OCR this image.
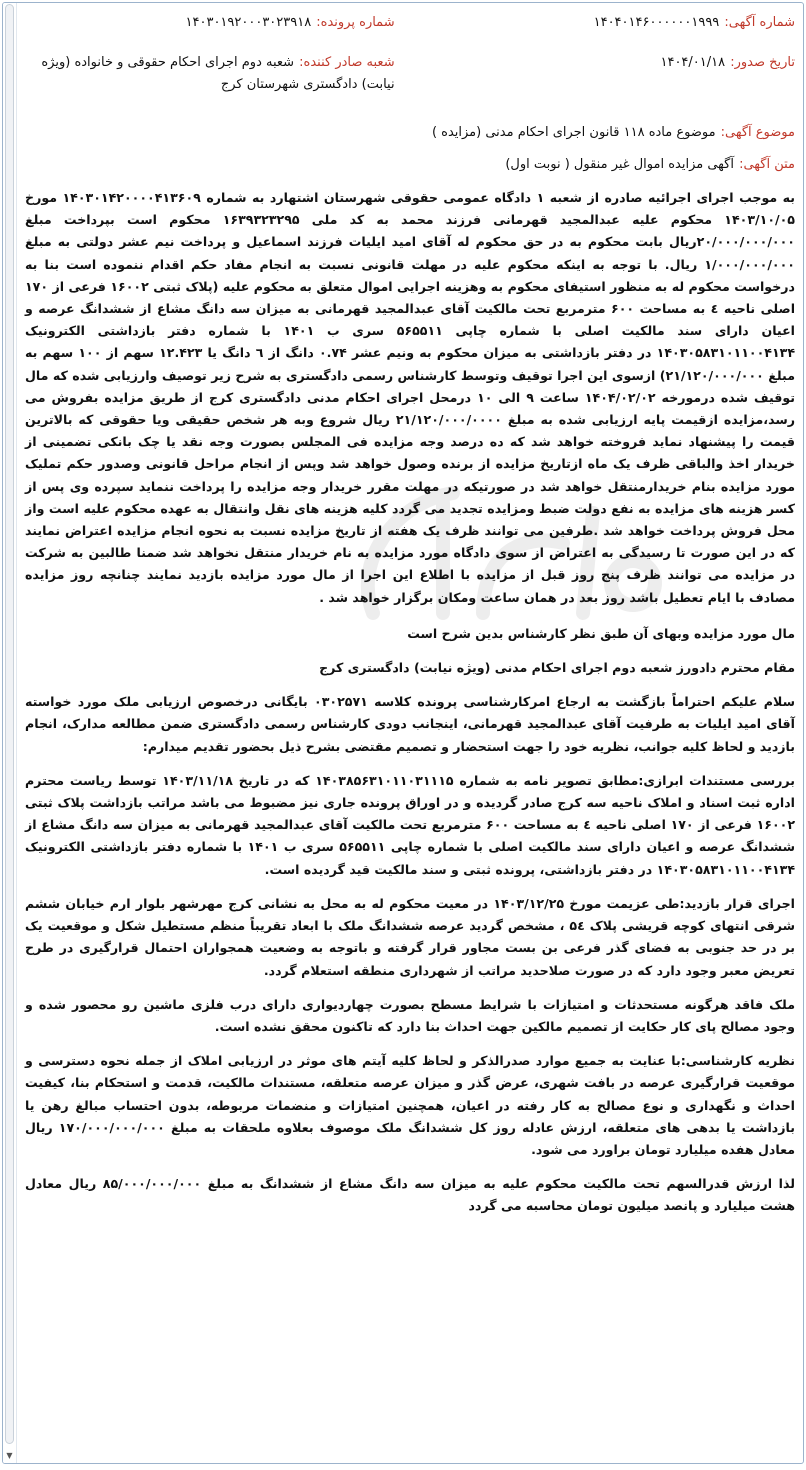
▼
شماره آگهی: ۱۴۰۴۰۱۴۶۰۰۰۰۰۰۱۹۹۹
تاریخ صدور: ۱۴۰۴/۰۱/۱۸
شماره پرونده: ۱۴۰۳۰۱۹۲۰۰۰۳۰۲۳۹۱۸
شعبه صادر کننده: شعبه دوم اجرای احکام حقوقی و خانواده (ویژه نیابت) دادگستری شهرستان کرج
موضوع آگهی: موضوع ماده ۱۱۸ قانون اجرای احکام مدنی (مزایده )
متن آگهی: آگهی مزایده اموال غیر منقول ( نوبت اول)

به موجب اجرای اجرائیه صادره از شعبه ۱ دادگاه عمومی حقوقی شهرستان اشتهارد به شماره ۱۴۰۳۰۱۴۲۰۰۰۰۴۱۳۶۰۹ مورخ ۱۴۰۳/۱۰/۰۵ محکوم علیه عبدالمجید قهرمانی فرزند محمد به کد ملی ۱۶۳۹۳۲۳۲۹۵ محکوم است بپرداخت مبلغ ۲۰/۰۰۰/۰۰۰/۰۰۰ریال بابت محکوم به در حق محکوم له آقای امید ایلیات فرزند اسماعیل و پرداخت نیم عشر دولتی به مبلغ ۱/۰۰۰/۰۰۰/۰۰۰ ریال. با توجه به اینکه محکوم علیه در مهلت قانونی نسبت به انجام مفاد حکم اقدام ننموده است بنا به درخواست محکوم له به منظور استیفای محکوم به وهزینه اجرایی اموال متعلق به محکوم علیه (پلاک ثبتی ۱۶۰۰۲ فرعی از ۱۷۰ اصلی ناحیه ٤ به مساحت ۶۰۰ مترمربع تحت مالکیت آقای عبدالمجید قهرمانی به میزان سه دانگ مشاع از ششدانگ عرصه و اعیان دارای سند مالکیت اصلی با شماره چاپی ۵۶۵۵۱۱ سری ب ۱۴۰۱ با شماره دفتر بازداشتی الکترونیک ۱۴۰۳۰۵۸۳۱۰۱۱۰۰۴۱۳۴ در دفتر بازداشتی به میزان محکوم به ونیم عشر ۰.۷۴ دانگ از ٦ دانگ یا ۱۲.۴۲۳ سهم از ۱۰۰ سهم به مبلغ ۲۱/۱۲۰/۰۰۰/۰۰۰) ازسوی این اجرا توقیف وتوسط کارشناس رسمی دادگستری به شرح زیر توصیف وارزیابی شده که مال توقیف شده درمورخه ۱۴۰۴/۰۲/۰۲ ساعت ۹ الی ۱۰ درمحل اجرای احکام مدنی دادگستری کرج از طریق مزایده بفروش می رسد،مزایده ازقیمت پایه ارزیابی شده به مبلغ ۲۱/۱۲۰/۰۰۰/۰۰۰۰ ریال شروع وبه هر شخص حقیقی ویا حقوقی که بالاترین قیمت را پیشنهاد نماید فروخته خواهد شد که ده درصد وجه مزایده فی المجلس بصورت وجه نقد یا چک بانکی تضمینی از خریدار اخذ والباقی ظرف یک ماه ازتاریخ مزایده از برنده وصول خواهد شد وپس از انجام مراحل قانونی وصدور حکم تملیک مورد مزایده بنام خریدارمنتقل خواهد شد در صورتیکه در مهلت مقرر خریدار وجه مزایده را پرداخت ننماید سپرده وی پس از کسر هزینه های مزایده به نفع دولت ضبط ومزایده تجدید می گردد کلیه هزینه های نقل وانتقال به عهده محکوم علیه است واز محل فروش پرداخت خواهد شد .طرفین می توانند ظرف یک هفته از تاریخ مزایده نسبت به نحوه انجام مزایده اعتراض نمایند که در این صورت تا رسیدگی به اعتراض از سوی دادگاه مورد مزایده به نام خریدار منتقل نخواهد شد ضمنا طالبین به شرکت در مزایده می توانند ظرف پنج روز قبل از مزایده با اطلاع این اجرا از مال مورد مزایده بازدید نمایند چنانچه روز مزایده مصادف با ایام تعطیل باشد روز بعد در همان ساعت ومکان برگزار خواهد شد .

مال مورد مزایده وبهای آن طبق نظر کارشناس بدین شرح است

مقام محترم دادورز شعبه دوم اجرای احکام مدنی (ویژه نیابت) دادگستری کرج

سلام علیکم احتراماً بازگشت به ارجاع امرکارشناسی پرونده کلاسه ۰۳۰۲۵۷۱ بایگانی درخصوص ارزیابی ملک مورد خواسته آقای امید ایلیات به طرفیت آقای عبدالمجید قهرمانی، اینجانب دودی کارشناس رسمی دادگستری ضمن مطالعه مدارک، انجام بازدید و لحاظ کلیه جوانب، نظریه خود را جهت استحضار و تصمیم مقتضی بشرح ذیل بحضور تقدیم میدارم:

بررسی مستندات ابرازی:مطابق تصویر نامه به شماره ۱۴۰۳۸۵۶۳۱۰۱۱۰۳۱۱۱۵ که در تاریخ ۱۴۰۳/۱۱/۱۸ توسط ریاست محترم اداره ثبت اسناد و املاک ناحیه سه کرج صادر گردیده و در اوراق پرونده جاری نیز مضبوط می باشد مراتب بازداشت پلاک ثبتی ۱۶۰۰۲ فرعی از ۱۷۰ اصلی ناحیه ٤ به مساحت ۶۰۰ مترمربع تحت مالکیت آقای عبدالمجید قهرمانی به میزان سه دانگ مشاع از ششدانگ عرصه و اعیان دارای سند مالکیت اصلی با شماره چاپی ۵۶۵۵۱۱ سری ب ۱۴۰۱ با شماره دفتر بازداشتی الکترونیک ۱۴۰۳۰۵۸۳۱۰۱۱۰۰۴۱۳۴ در دفتر بازداشتی، پرونده ثبتی و سند مالکیت قید گردیده است.

اجرای قرار بازدید:طی عزیمت مورخ ۱۴۰۳/۱۲/۲۵ در معیت محکوم له به محل به نشانی کرج مهرشهر بلوار ارم خیابان ششم شرقی انتهای کوچه قریشی پلاک ۵٤ ، مشخص گردید عرصه ششدانگ ملک با ابعاد تقریباً منظم مستطیل شکل و موقعیت یک بر در حد جنوبی به فضای گذر فرعی بن بست مجاور قرار گرفته و باتوجه به وضعیت همجواران احتمال قرارگیری در طرح تعریض معبر وجود دارد که در صورت صلاحدید مراتب از شهرداری منطقه استعلام گردد.

ملک فاقد هرگونه مستحدثات و امتیازات با شرایط مسطح بصورت چهاردیواری دارای درب فلزی ماشین رو محصور شده و وجود مصالح پای کار حکایت از تصمیم مالکین جهت احداث بنا دارد که تاکنون محقق نشده است.

نظریه کارشناسی:با عنایت به جمیع موارد صدرالذکر و لحاظ کلیه آیتم های موثر در ارزیابی املاک از جمله نحوه دسترسی و موقعیت قرارگیری عرصه در بافت شهری، عرض گذر و میزان عرصه متعلقه، مستندات مالکیت، قدمت و استحکام بنا، کیفیت احداث و نگهداری و نوع مصالح به کار رفته در اعیان، همچنین امتیازات و منضمات مربوطه، بدون احتساب مبالغ رهن یا بازداشت یا بدهی های متعلقه، ارزش عادله روز کل ششدانگ ملک موصوف بعلاوه ملحقات به مبلغ ۱۷۰/۰۰۰/۰۰۰/۰۰۰ ریال معادل هفده میلیارد تومان براورد می شود.

لذا ارزش قدرالسهم تحت مالکیت محکوم علیه به میزان سه دانگ مشاع از ششدانگ به مبلغ ۸۵/۰۰۰/۰۰۰/۰۰۰ ریال معادل هشت میلیارد و پانصد میلیون تومان محاسبه می گردد
